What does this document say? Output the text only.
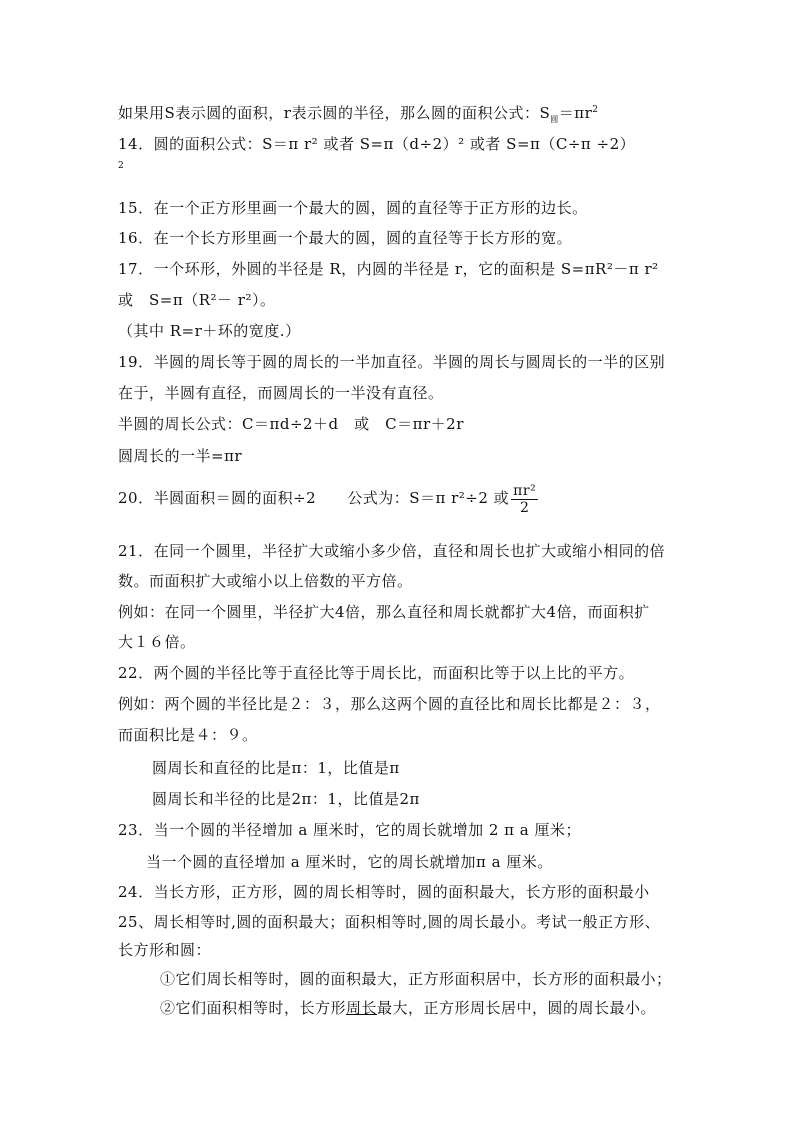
如果用S表示圆的面积，r表示圆的半径，那么圆的面积公式：$S_圆=\pi r^2$
14．圆的面积公式：S＝π r² 或者 S=π（d÷2）² 或者 S=π（C÷π ÷2）
2
15．在一个正方形里画一个最大的圆，圆的直径等于正方形的边长。
16．在一个长方形里画一个最大的圆，圆的直径等于长方形的宽。
17．一个环形，外圆的半径是 R，内圆的半径是 r，它的面积是 S=πR²－π r²
或　S=π（R²－ r²）。
（其中 R=r＋环的宽度.）
19．半圆的周长等于圆的周长的一半加直径。半圆的周长与圆周长的一半的区别
在于，半圆有直径，而圆周长的一半没有直径。
半圆的周长公式：C＝πd÷2＋d　或　C＝πr＋2r
圆周长的一半=πr
20．半圆面积＝圆的面积÷2　　公式为：S＝π r²÷2 或 $\frac{\text{πr²}}{2}$
21．在同一个圆里，半径扩大或缩小多少倍，直径和周长也扩大或缩小相同的倍
数。而面积扩大或缩小以上倍数的平方倍。
例如：在同一个圆里，半径扩大4倍，那么直径和周长就都扩大4倍，而面积扩
大１６倍。
22．两个圆的半径比等于直径比等于周长比，而面积比等于以上比的平方。
例如：两个圆的半径比是２：３，那么这两个圆的直径比和周长比都是２：３，
而面积比是４：９。
圆周长和直径的比是π：1，比值是π
圆周长和半径的比是2π：1，比值是2π
23．当一个圆的半径增加 a 厘米时，它的周长就增加 2 π a 厘米；
当一个圆的直径增加 a 厘米时，它的周长就增加π a 厘米。
24．当长方形，正方形，圆的周长相等时，圆的面积最大，长方形的面积最小
25、周长相等时,圆的面积最大；面积相等时,圆的周长最小。考试一般正方形、
长方形和圆：
①它们周长相等时，圆的面积最大，正方形面积居中，长方形的面积最小；
②它们面积相等时，长方形周长最大，正方形周长居中，圆的周长最小。
